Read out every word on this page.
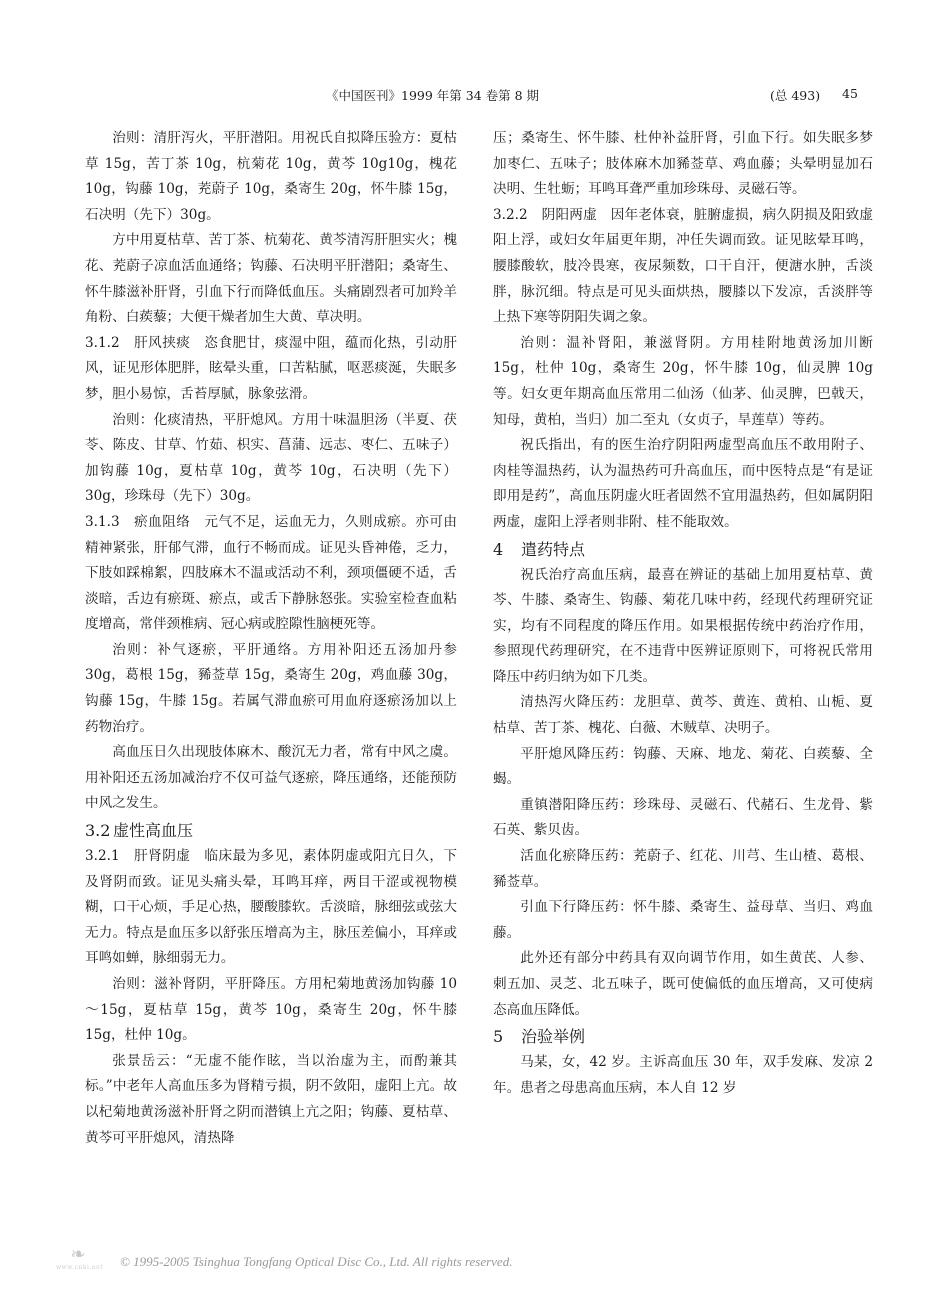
《中国医刊》1999 年第 34 卷第 8 期	(总 493) 45

治则：清肝泻火，平肝潜阳。用祝氏自拟降压验方：夏枯草 15g，苦丁茶 10g，杭菊花 10g，黄芩 10g10g，槐花 10g，钩藤 10g，茺蔚子 10g，桑寄生 20g，怀牛膝 15g，石决明（先下）30g。

方中用夏枯草、苦丁茶、杭菊花、黄芩清泻肝胆实火；槐花、茺蔚子凉血活血通络；钩藤、石决明平肝潜阳；桑寄生、怀牛膝滋补肝肾，引血下行而降低血压。头痛剧烈者可加羚羊角粉、白蒺藜；大便干燥者加生大黄、草决明。

3.1.2　肝风挟痰　恣食肥甘，痰湿中阻，蕴而化热，引动肝风，证见形体肥胖，眩晕头重，口苦粘腻，呕恶痰涎，失眠多梦，胆小易惊，舌苔厚腻，脉象弦滑。

治则：化痰清热，平肝熄风。方用十味温胆汤（半夏、茯苓、陈皮、甘草、竹茹、枳实、菖蒲、远志、枣仁、五味子）加钩藤 10g，夏枯草 10g，黄芩 10g，石决明（先下）30g，珍珠母（先下）30g。

3.1.3　瘀血阻络　元气不足，运血无力，久则成瘀。亦可由精神紧张，肝郁气滞，血行不畅而成。证见头昏神倦，乏力，下肢如踩棉絮，四肢麻木不温或活动不利，颈项僵硬不适，舌淡暗，舌边有瘀斑、瘀点，或舌下静脉怒张。实验室检查血粘度增高，常伴颈椎病、冠心病或腔隙性脑梗死等。

治则：补气逐瘀，平肝通络。方用补阳还五汤加丹参 30g，葛根 15g，豨莶草 15g，桑寄生 20g，鸡血藤 30g，钩藤 15g，牛膝 15g。若属气滞血瘀可用血府逐瘀汤加以上药物治疗。

高血压日久出现肢体麻木、酸沉无力者，常有中风之虞。用补阳还五汤加减治疗不仅可益气逐瘀，降压通络，还能预防中风之发生。

3.2 虚性高血压

3.2.1　肝肾阴虚　临床最为多见，素体阴虚或阳亢日久，下及肾阴而致。证见头痛头晕，耳鸣耳痒，两目干涩或视物模糊，口干心烦，手足心热，腰酸膝软。舌淡暗，脉细弦或弦大无力。特点是血压多以舒张压增高为主，脉压差偏小，耳痒或耳鸣如蝉，脉细弱无力。

治则：滋补肾阴，平肝降压。方用杞菊地黄汤加钩藤 10～15g，夏枯草 15g，黄芩 10g，桑寄生 20g，怀牛膝 15g，杜仲 10g。

张景岳云：“无虚不能作眩，当以治虚为主，而酌兼其标。”中老年人高血压多为肾精亏损，阴不敛阳，虚阳上亢。故以杞菊地黄汤滋补肝肾之阴而潜镇上亢之阳；钩藤、夏枯草、黄芩可平肝熄风，清热降

压；桑寄生、怀牛膝、杜仲补益肝肾，引血下行。如失眠多梦加枣仁、五味子；肢体麻木加豨莶草、鸡血藤；头晕明显加石决明、生牡蛎；耳鸣耳聋严重加珍珠母、灵磁石等。

3.2.2　阴阳两虚　因年老体衰，脏腑虚损，病久阴损及阳致虚阳上浮，或妇女年届更年期，冲任失调而致。证见眩晕耳鸣，腰膝酸软，肢冷畏寒，夜尿频数，口干自汗，便溏水肿，舌淡胖，脉沉细。特点是可见头面烘热，腰膝以下发凉，舌淡胖等上热下寒等阴阳失调之象。

治则：温补肾阳，兼滋肾阴。方用桂附地黄汤加川断 15g，杜仲 10g，桑寄生 20g，怀牛膝 10g，仙灵脾 10g 等。妇女更年期高血压常用二仙汤（仙茅、仙灵脾，巴戟天，知母，黄柏，当归）加二至丸（女贞子，旱莲草）等药。

祝氏指出，有的医生治疗阴阳两虚型高血压不敢用附子、肉桂等温热药，认为温热药可升高血压，而中医特点是“有是证即用是药”，高血压阴虚火旺者固然不宜用温热药，但如属阴阳两虚，虚阳上浮者则非附、桂不能取效。

4 遣药特点

祝氏治疗高血压病，最喜在辨证的基础上加用夏枯草、黄芩、牛膝、桑寄生、钩藤、菊花几味中药，经现代药理研究证实，均有不同程度的降压作用。如果根据传统中药治疗作用，参照现代药理研究，在不违背中医辨证原则下，可将祝氏常用降压中药归纳为如下几类。

清热泻火降压药：龙胆草、黄芩、黄连、黄柏、山栀、夏枯草、苦丁茶、槐花、白薇、木贼草、决明子。

平肝熄风降压药：钩藤、天麻、地龙、菊花、白蒺藜、全蝎。

重镇潜阳降压药：珍珠母、灵磁石、代赭石、生龙骨、紫石英、紫贝齿。

活血化瘀降压药：茺蔚子、红花、川芎、生山楂、葛根、豨莶草。

引血下行降压药：怀牛膝、桑寄生、益母草、当归、鸡血藤。

此外还有部分中药具有双向调节作用，如生黄芪、人参、刺五加、灵芝、北五味子，既可使偏低的血压增高，又可使病态高血压降低。

5 治验举例

马某，女，42 岁。主诉高血压 30 年，双手发麻、发凉 2 年。患者之母患高血压病，本人自 12 岁

❧
www.cnki.net © 1995-2005 Tsinghua Tongfang Optical Disc Co., Ltd. All rights reserved.
